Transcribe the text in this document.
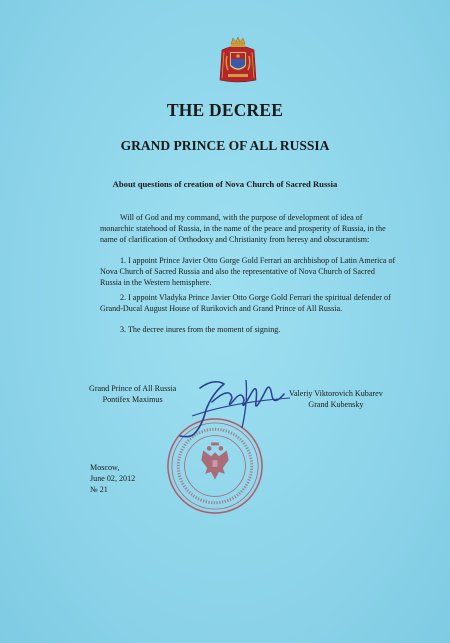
THE DECREE
GRAND PRINCE OF ALL RUSSIA
About questions of creation of Nova Church of Sacred Russia
Will of God and my command, with the purpose of development of idea of monarchic statehood of Russia, in the name of the peace and prosperity of Russia, in the name of clarification of Orthodoxy and Christianity from heresy and obscurantism:
1. I appoint Prince Javier Otto Gorge Gold Ferrari an archbishop of Latin America of Nova Church of Sacred Russia and also the representative of Nova Church of Sacred Russia in the Western hemisphere.
2. I appoint Vladyka Prince Javier Otto Gorge Gold Ferrari the spiritual defender of Grand-Ducal August House of Rurikovich and Grand Prince of All Russia.
3. The decree inures from the moment of signing.
Grand Prince of All Russia
Pontifex Maximus
Valeriy Viktorovich Kubarev
Grand Kubensky
Moscow,
June 02, 2012
№ 21
